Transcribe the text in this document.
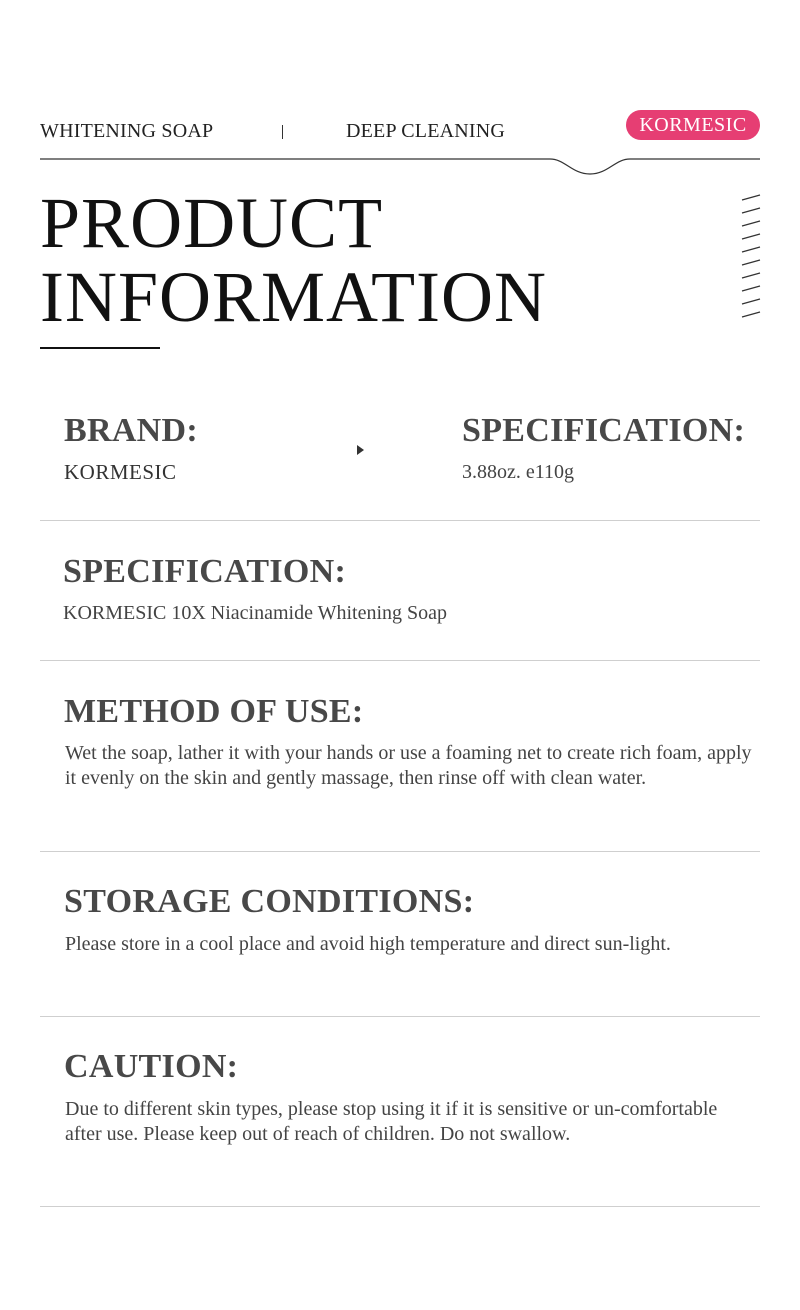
WHITENING SOAP	DEEP CLEANING	KORMESIC
PRODUCT
INFORMATION
BRAND:
KORMESIC
SPECIFICATION:
3.88oz. e110g
SPECIFICATION:
KORMESIC 10X Niacinamide Whitening Soap
METHOD OF USE:
Wet the soap, lather it with your hands or use a foaming net to create rich foam, apply it evenly on the skin and gently massage, then rinse off with clean water.
STORAGE CONDITIONS:
Please store in a cool place and avoid high temperature and direct sun-light.
CAUTION:
Due to different skin types, please stop using it if it is sensitive or un-comfortable after use. Please keep out of reach of children. Do not swallow.
